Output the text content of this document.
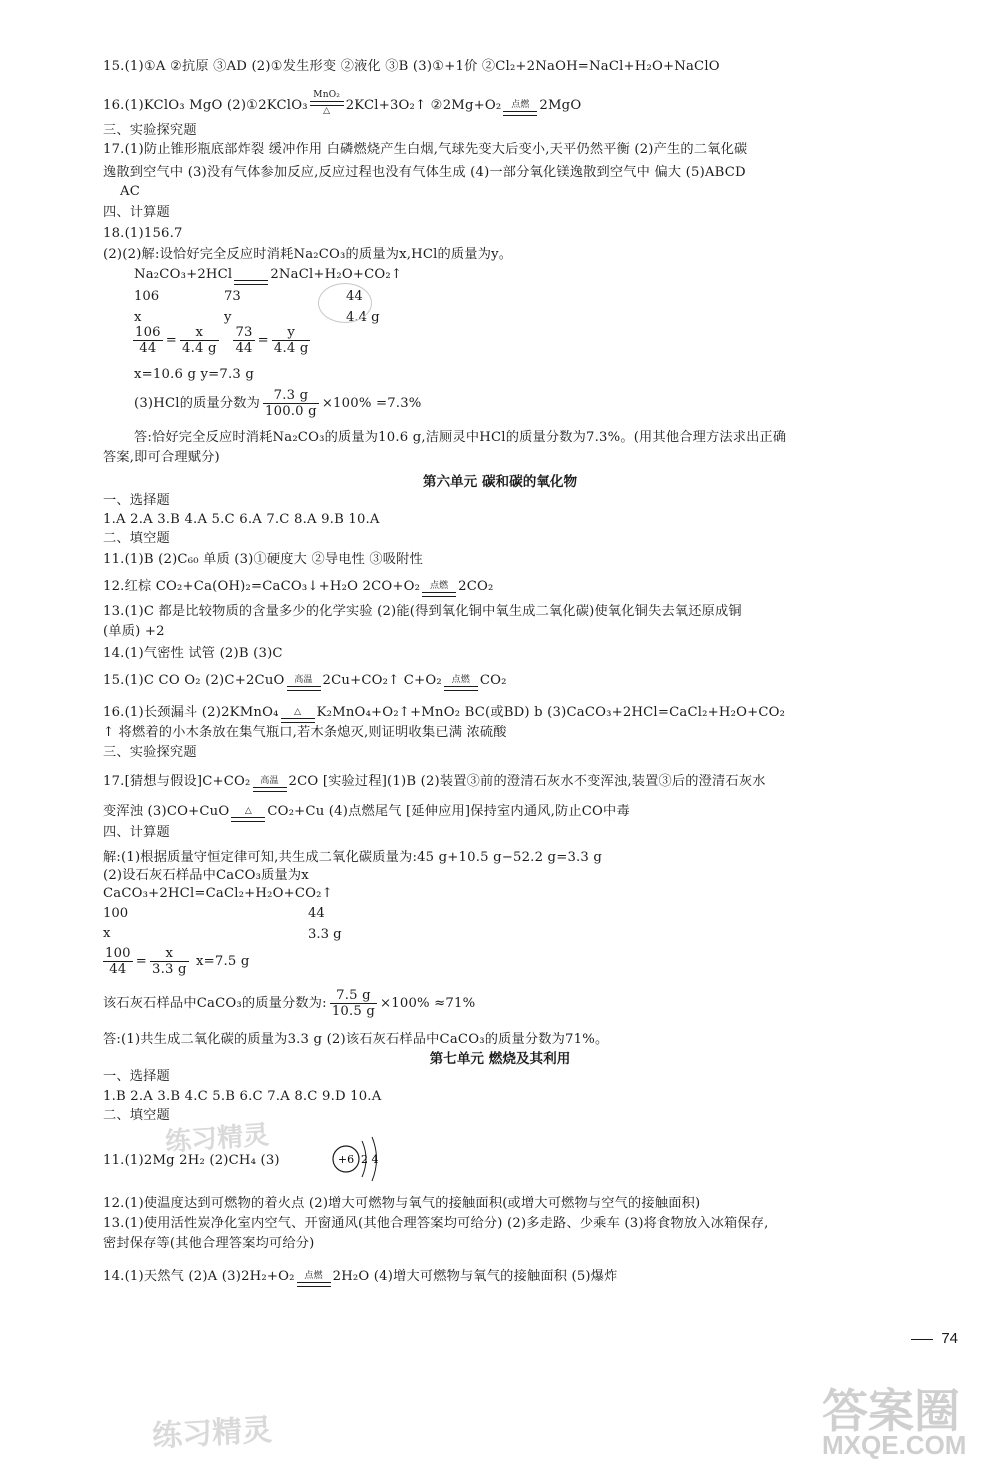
15.(1)①A ②抗原 ③AD (2)①发生形变 ②液化 ③B (3)①+1价 ②Cl₂+2NaOH=NaCl+H₂O+NaClO
16.(1)KClO₃ MgO (2)①2KClO₃
MnO₂
△	2KCl+3O₂↑ ②2Mg+O₂	点燃 2MgO
三、实验探究题
17.(1)防止锥形瓶底部炸裂 缓冲作用 白磷燃烧产生白烟,气球先变大后变小,天平仍然平衡 (2)产生的二氧化碳
逸散到空气中 (3)没有气体参加反应,反应过程也没有气体生成 (4)一部分氧化镁逸散到空气中 偏大 (5)ABCD
AC
四、计算题
18.(1)156.7
(2)(2)解:设恰好完全反应时消耗Na₂CO₃的质量为x,HCl的质量为y。
Na₂CO₃+2HCl	2NaCl+H₂O+CO₂↑
106	73	44
x	y	4.4 g
$\frac{106}{44} = \frac{x}{4.4 g}$
$\frac{73}{44} = \frac{y}{4.4 g}$
x=10.6 g y=7.3 g
(3)HCl的质量分数为 $\frac{7.3 g}{100.0 g} \times 100\% =7.3\%$
答:恰好完全反应时消耗Na₂CO₃的质量为10.6 g,洁厕灵中HCl的质量分数为7.3%。(用其他合理方法求出正确
答案,即可合理赋分)
第六单元 碳和碳的氧化物
一、选择题
1.A 2.A 3.B 4.A 5.C 6.A 7.C 8.A 9.B 10.A
二、填空题
11.(1)B (2)C₆₀ 单质 (3)①硬度大 ②导电性 ③吸附性
12.红棕 CO₂+Ca(OH)₂=CaCO₃↓+H₂O 2CO+O₂	点燃 2CO₂
13.(1)C 都是比较物质的含量多少的化学实验 (2)能(得到氧化铜中氧生成二氧化碳)使氧化铜失去氧还原成铜
(单质) +2
14.(1)气密性 试管 (2)B (3)C
15.(1)C CO O₂ (2)C+2CuO	高温 2Cu+CO₂↑ C+O₂	点燃 CO₂
16.(1)长颈漏斗 (2)2KMnO₄	△	K₂MnO₄+O₂↑+MnO₂ BC(或BD) b (3)CaCO₃+2HCl=CaCl₂+H₂O+CO₂
↑ 将燃着的小木条放在集气瓶口,若木条熄灭,则证明收集已满 浓硫酸
三、实验探究题
17.[猜想与假设]C+CO₂	高温 2CO [实验过程](1)B (2)装置③前的澄清石灰水不变浑浊,装置③后的澄清石灰水
变浑浊 (3)CO+CuO	△	CO₂+Cu (4)点燃尾气 [延伸应用]保持室内通风,防止CO中毒
四、计算题
解:(1)根据质量守恒定律可知,共生成二氧化碳质量为:45 g+10.5 g−52.2 g=3.3 g
(2)设石灰石样品中CaCO₃质量为x
CaCO₃+2HCl=CaCl₂+H₂O+CO₂↑
100	44
x	3.3 g
$\frac{100}{44} = \frac{x}{3.3 g} x=7.5$ g
该石灰石样品中CaCO₃的质量分数为: $\frac{7.5 g}{10.5 g} \times 100\% \approx 71\%$
答:(1)共生成二氧化碳的质量为3.3 g (2)该石灰石样品中CaCO₃的质量分数为71%。
第七单元 燃烧及其利用
一、选择题
1.B 2.A 3.B 4.C 5.B 6.C 7.A 8.C 9.D 10.A
二、填空题
11.(1)2Mg 2H₂ (2)CH₄ (3)	+6 2 4
12.(1)使温度达到可燃物的着火点 (2)增大可燃物与氧气的接触面积(或增大可燃物与空气的接触面积)
13.(1)使用活性炭净化室内空气、开窗通风(其他合理答案均可给分) (2)多走路、少乘车 (3)将食物放入冰箱保存,
密封保存等(其他合理答案均可给分)
14.(1)天然气 (2)A (3)2H₂+O₂	点燃 2H₂O (4)增大可燃物与氧气的接触面积 (5)爆炸
74
练习精灵
练习精灵	答案圈
MXQE.COM
